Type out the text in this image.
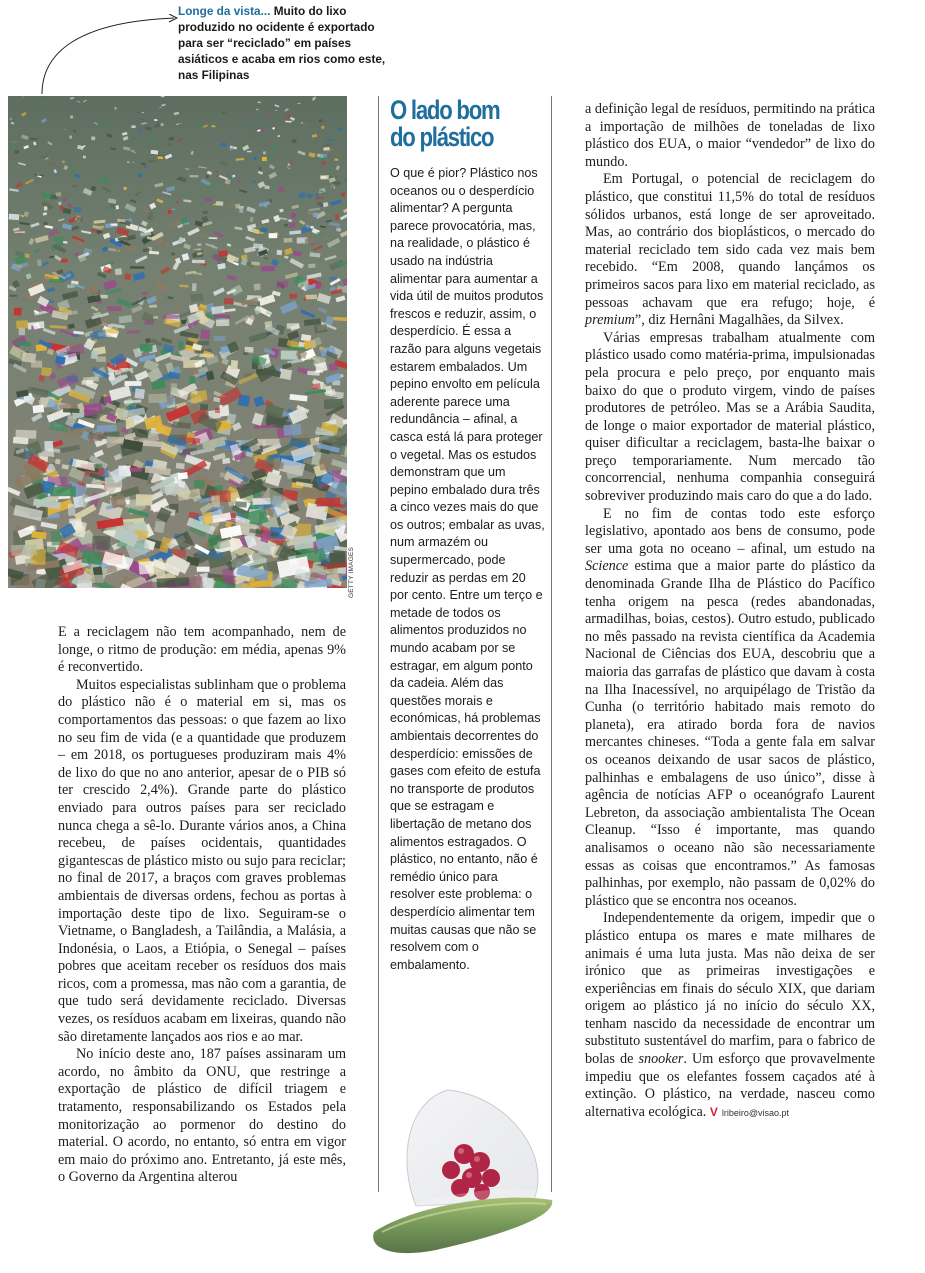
Longe da vista... Muito do lixo produzido no ocidente é exportado para ser “reciclado” em países asiáticos e acaba em rios como este, nas Filipinas
GETTY IMAGES

E a reciclagem não tem acompanhado, nem de longe, o ritmo de produção: em média, apenas 9% é reconvertido.

Muitos especialistas sublinham que o problema do plástico não é o material em si, mas os comportamentos das pessoas: o que fazem ao lixo no seu fim de vida (e a quantidade que produzem – em 2018, os portugueses produziram mais 4% de lixo do que no ano anterior, apesar de o PIB só ter crescido 2,4%). Grande parte do plástico enviado para outros países para ser reciclado nunca chega a sê-lo. Durante vários anos, a China recebeu, de países ocidentais, quantidades gigantescas de plástico misto ou sujo para reciclar; no final de 2017, a braços com graves problemas ambientais de diversas ordens, fechou as portas à importação deste tipo de lixo. Seguiram-se o Vietname, o Bangladesh, a Tailândia, a Malásia, a Indonésia, o Laos, a Etiópia, o Senegal – países pobres que aceitam receber os resíduos dos mais ricos, com a promessa, mas não com a garantia, de que tudo será devidamente reciclado. Diversas vezes, os resíduos acabam em lixeiras, quando não são diretamente lançados aos rios e ao mar.

No início deste ano, 187 países assinaram um acordo, no âmbito da ONU, que restringe a exportação de plástico de difícil triagem e tratamento, responsabilizando os Estados pela monitorização ao pormenor do destino do material. O acordo, no entanto, só entra em vigor em maio do próximo ano. Entretanto, já este mês, o Governo da Argentina alterou

O lado bom
do plástico
O que é pior? Plástico nos oceanos ou o desperdício alimentar? A pergunta parece provocatória, mas, na realidade, o plástico é usado na indústria alimentar para aumentar a vida útil de muitos produtos frescos e reduzir, assim, o desperdício. É essa a razão para alguns vegetais estarem embalados. Um pepino envolto em película aderente parece uma redundância – afinal, a casca está lá para proteger o vegetal. Mas os estudos demonstram que um pepino embalado dura três a cinco vezes mais do que os outros; embalar as uvas, num armazém ou supermercado, pode reduzir as perdas em 20 por cento. Entre um terço e metade de todos os alimentos produzidos no mundo acabam por se estragar, em algum ponto da cadeia. Além das questões morais e económicas, há problemas ambientais decorrentes do desperdício: emissões de gases com efeito de estufa no transporte de produtos que se estragam e libertação de metano dos alimentos estragados. O plástico, no entanto, não é remédio único para resolver este problema: o desperdício alimentar tem muitas causas que não se resolvem com o embalamento.

a definição legal de resíduos, permitindo na prática a importação de milhões de toneladas de lixo plástico dos EUA, o maior “vendedor” de lixo do mundo.

Em Portugal, o potencial de reciclagem do plástico, que constitui 11,5% do total de resíduos sólidos urbanos, está longe de ser aproveitado. Mas, ao contrário dos bioplásticos, o mercado do material reciclado tem sido cada vez mais bem recebido. “Em 2008, quando lançámos os primeiros sacos para lixo em material reciclado, as pessoas achavam que era refugo; hoje, é premium”, diz Hernâni Magalhães, da Silvex.

Várias empresas trabalham atualmente com plástico usado como matéria-prima, impulsionadas pela procura e pelo preço, por enquanto mais baixo do que o produto virgem, vindo de países produtores de petróleo. Mas se a Arábia Saudita, de longe o maior exportador de material plástico, quiser dificultar a reciclagem, basta-lhe baixar o preço temporariamente. Num mercado tão concorrencial, nenhuma companhia conseguirá sobreviver produzindo mais caro do que a do lado.

E no fim de contas todo este esforço legislativo, apontado aos bens de consumo, pode ser uma gota no oceano – afinal, um estudo na Science estima que a maior parte do plástico da denominada Grande Ilha de Plástico do Pacífico tenha origem na pesca (redes abandonadas, armadilhas, boias, cestos). Outro estudo, publicado no mês passado na revista científica da Academia Nacional de Ciências dos EUA, descobriu que a maioria das garrafas de plástico que davam à costa na Ilha Inacessível, no arquipélago de Tristão da Cunha (o território habitado mais remoto do planeta), era atirado borda fora de navios mercantes chineses. “Toda a gente fala em salvar os oceanos deixando de usar sacos de plástico, palhinhas e embalagens de uso único”, disse à agência de notícias AFP o oceanógrafo Laurent Lebreton, da associação ambientalista The Ocean Cleanup. “Isso é importante, mas quando analisamos o oceano não são necessariamente essas as coisas que encontramos.” As famosas palhinhas, por exemplo, não passam de 0,02% do plástico que se encontra nos oceanos.

Independentemente da origem, impedir que o plástico entupa os mares e mate milhares de animais é uma luta justa. Mas não deixa de ser irónico que as primeiras investigações e experiências em finais do século XIX, que dariam origem ao plástico já no início do século XX, tenham nascido da necessidade de encontrar um substituto sustentável do marfim, para o fabrico de bolas de snooker. Um esforço que provavelmente impediu que os elefantes fossem caçados até à extinção. O plástico, na verdade, nasceu como alternativa ecológica. V lribeiro@visao.pt
